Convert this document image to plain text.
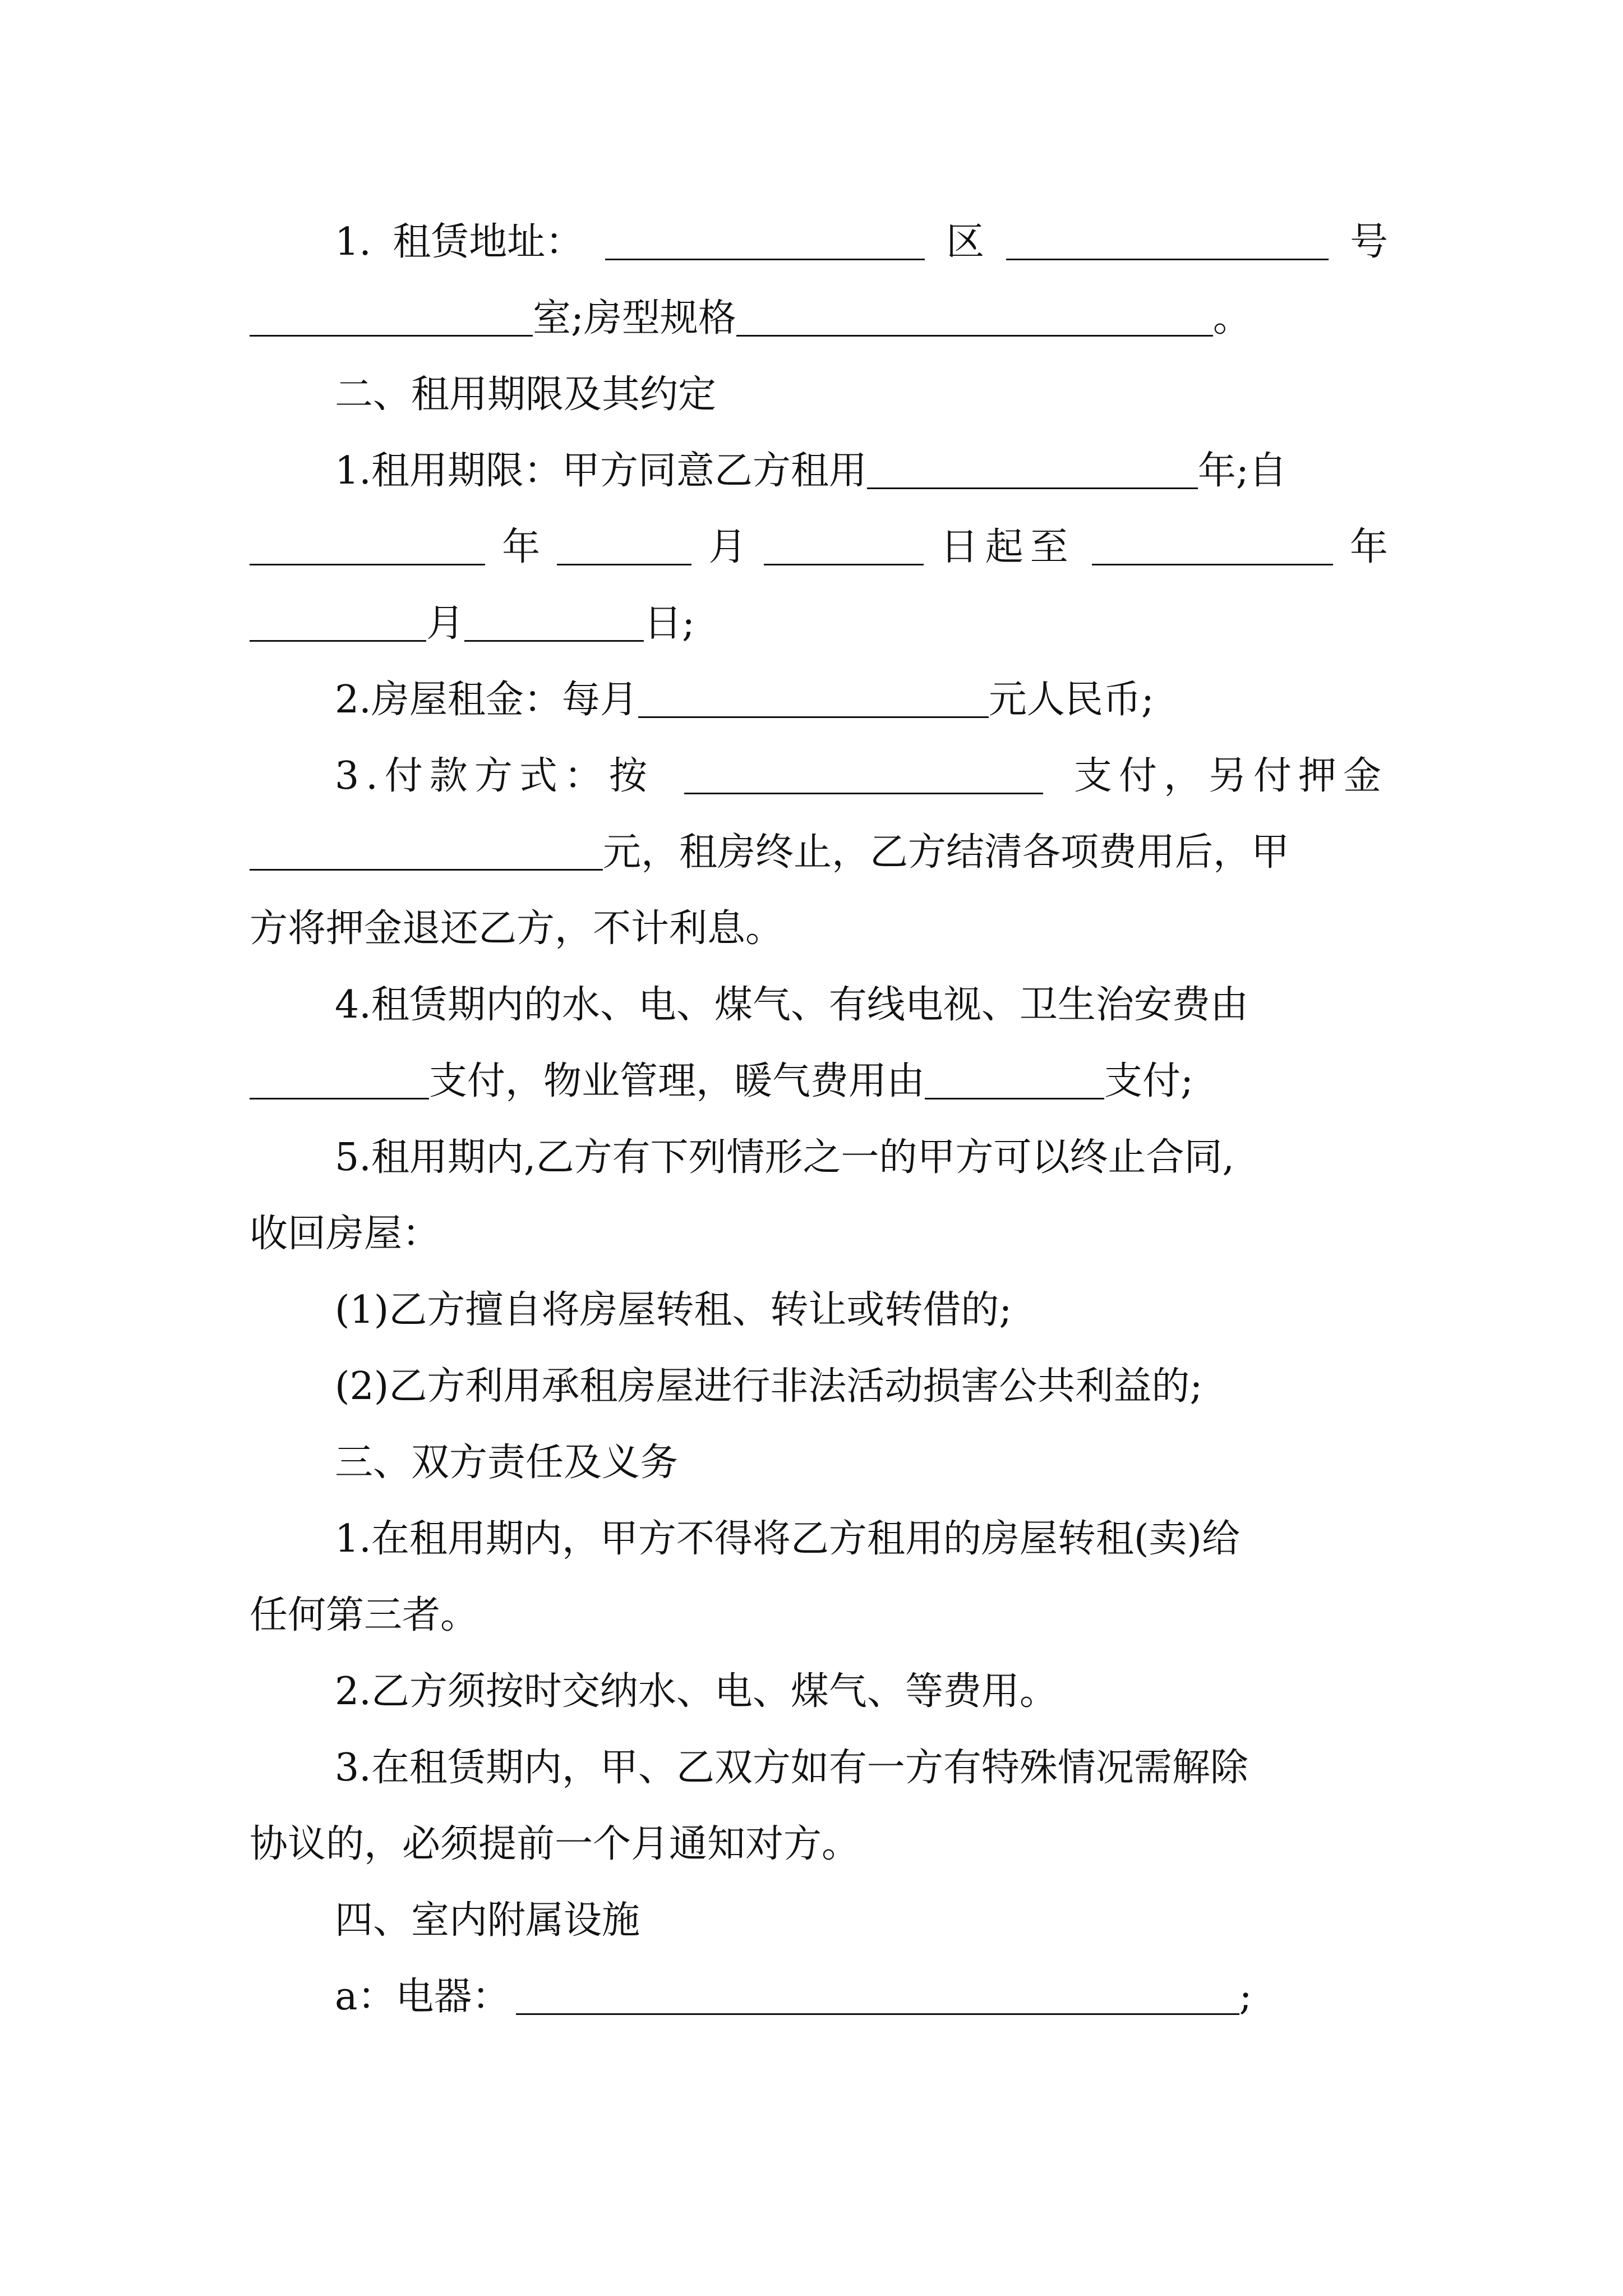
1. 租赁地址：	区	号
室;房型规格	。
二、租用期限及其约定
1.租用期限：甲方同意乙方租用	年;自
年	月	日起至	年
月	日;
2.房屋租金：每月	元人民币;
3.付款方式：按	支付，另付押金
元，租房终止，乙方结清各项费用后，甲
方将押金退还乙方，不计利息。
4.租赁期内的水、电、煤气、有线电视、卫生治安费由
支付，物业管理，暖气费用由	支付;
5.租用期内,乙方有下列情形之一的甲方可以终止合同,
收回房屋：
(1)乙方擅自将房屋转租、转让或转借的;
(2)乙方利用承租房屋进行非法活动损害公共利益的;
三、双方责任及义务
1.在租用期内，甲方不得将乙方租用的房屋转租(卖)给
任何第三者。
2.乙方须按时交纳水、电、煤气、等费用。
3.在租赁期内，甲、乙双方如有一方有特殊情况需解除
协议的，必须提前一个月通知对方。
四、室内附属设施
a：电器：	;
